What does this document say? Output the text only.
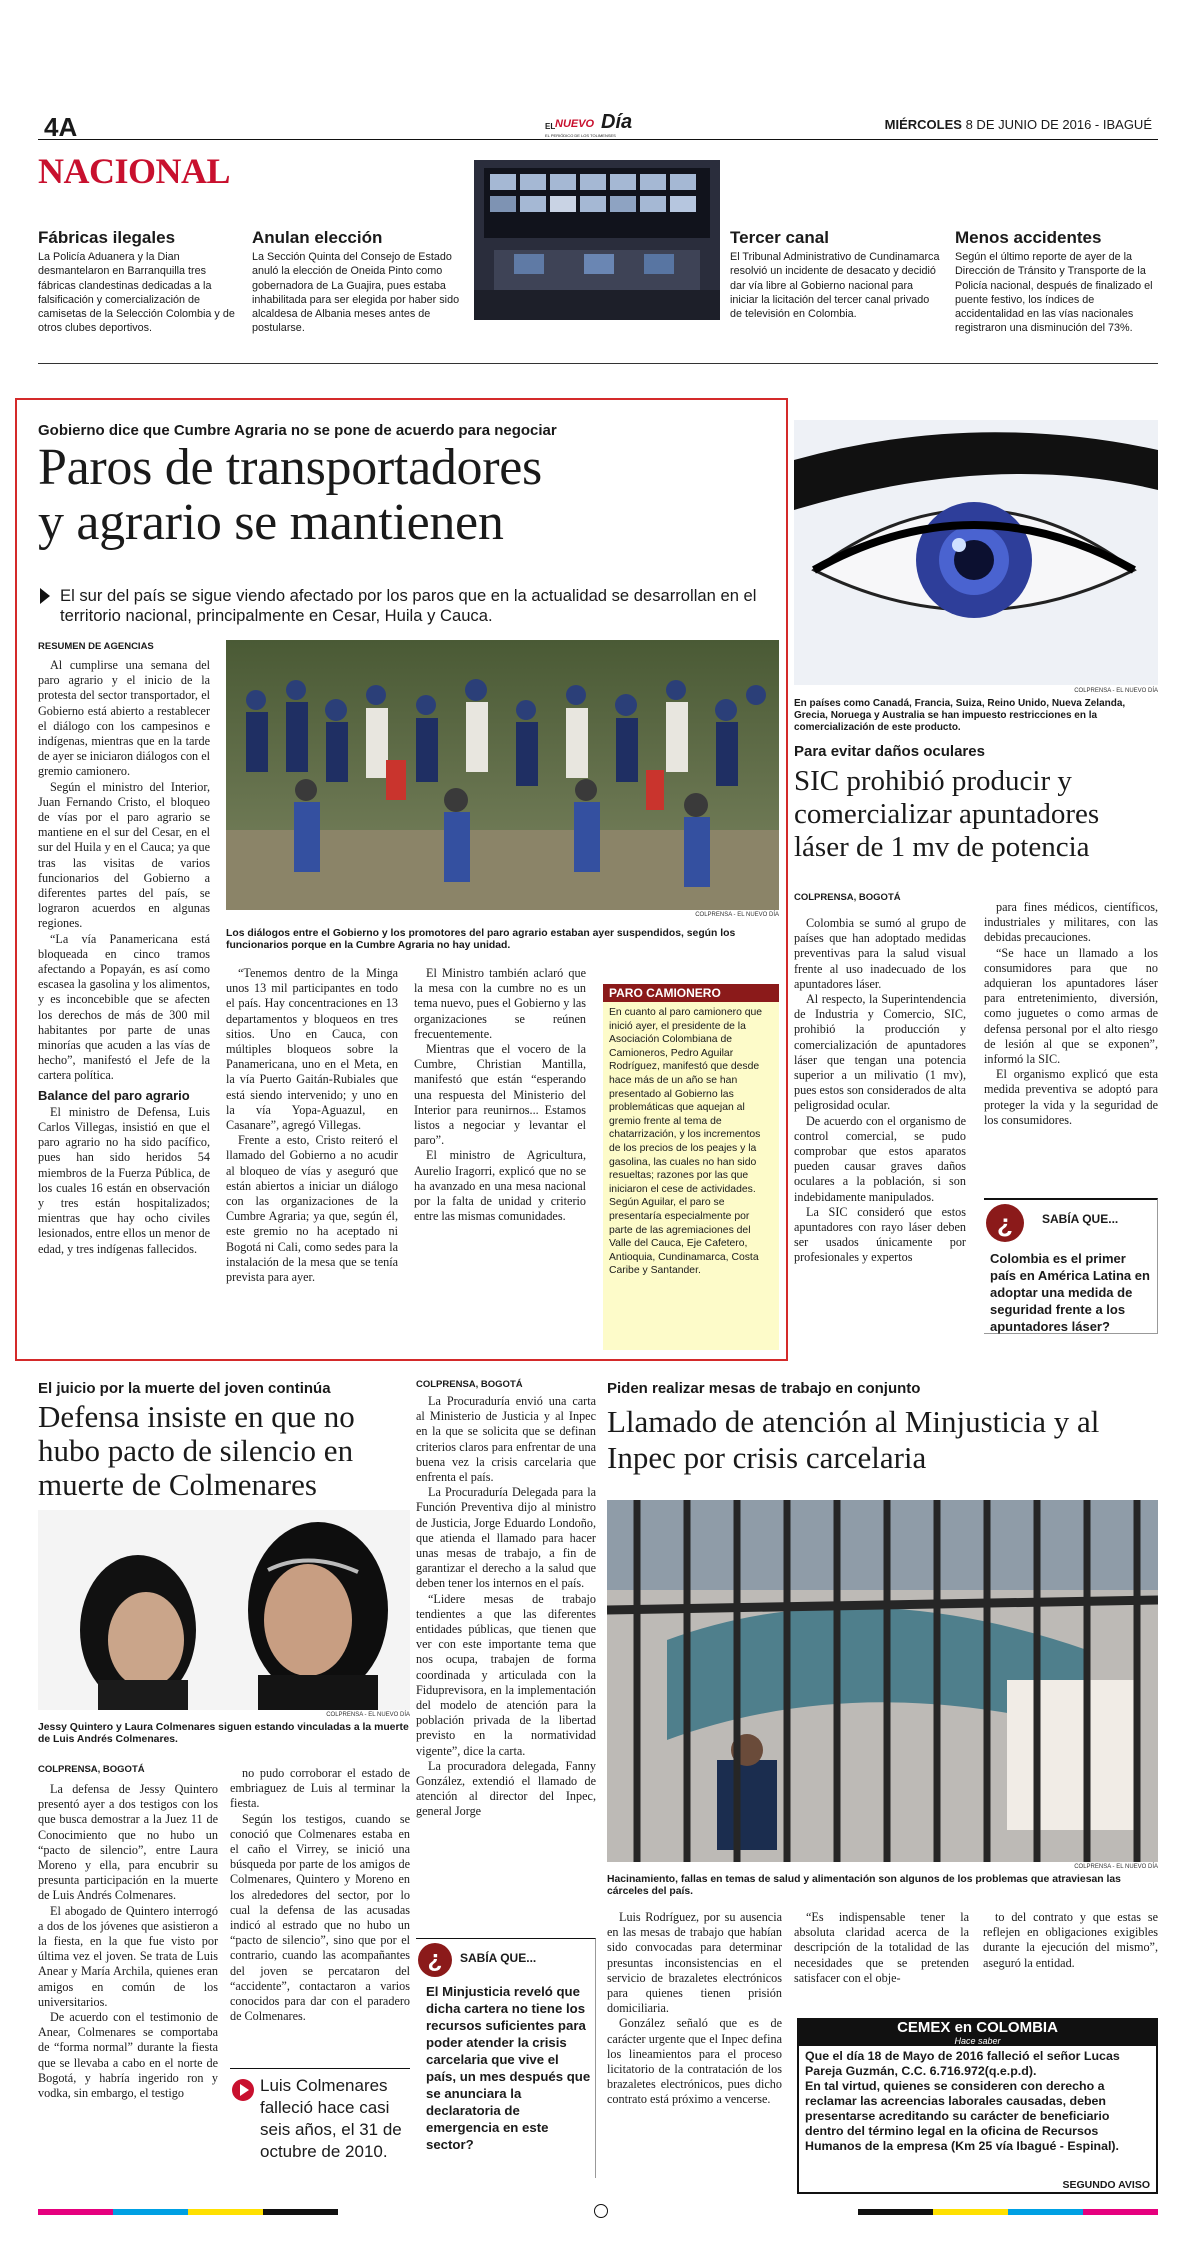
4A	EL NUEVO Día
EL PERIÓDICO DE LOS TOLIMENSES
MIÉRCOLES 8 DE JUNIO DE 2016 - IBAGUÉ
NACIONAL
Fábricas ilegales
La Policía Aduanera y la Dian desmantelaron en Barranquilla tres fábricas clandestinas dedicadas a la falsificación y comercialización de camisetas de la Selección Colombia y de otros clubes deportivos.
Anulan elección
La Sección Quinta del Consejo de Estado anuló la elección de Oneida Pinto como gobernadora de La Guajira, pues estaba inhabilitada para ser elegida por haber sido alcaldesa de Albania meses antes de postularse.
Tercer canal
El Tribunal Administrativo de Cundinamarca resolvió un incidente de desacato y decidió dar vía libre al Gobierno nacional para iniciar la licitación del tercer canal privado de televisión en Colombia.
Menos accidentes
Según el último reporte de ayer de la Dirección de Tránsito y Transporte de la Policía nacional, después de finalizado el puente festivo, los índices de accidentalidad en las vías nacionales registraron una disminución del 73%.
Gobierno dice que Cumbre Agraria no se pone de acuerdo para negociar
Paros de transportadores
y agrario se mantienen
El sur del país se sigue viendo afectado por los paros que en la actualidad se desarrollan en el territorio nacional, principalmente en Cesar, Huila y Cauca.
RESUMEN DE AGENCIAS

Al cumplirse una semana del paro agrario y el inicio de la protesta del sector transportador, el Gobierno está abierto a restablecer el diálogo con los campesinos e indígenas, mientras que en la tarde de ayer se iniciaron diálogos con el gremio camionero.

Según el ministro del Interior, Juan Fernando Cristo, el bloqueo de vías por el paro agrario se mantiene en el sur del Cesar, en el sur del Huila y en el Cauca; ya que tras las visitas de varios funcionarios del Gobierno a diferentes partes del país, se lograron acuerdos en algunas regiones.

“La vía Panamericana está bloqueada en cinco tramos afectando a Popayán, es así como escasea la gasolina y los alimentos, y es inconcebible que se afecten los derechos de más de 300 mil habitantes por parte de unas minorías que acuden a las vías de hecho”, manifestó el Jefe de la cartera política.

Balance del paro agrario

El ministro de Defensa, Luis Carlos Villegas, insistió en que el paro agrario no ha sido pacífico, pues han sido heridos 54 miembros de la Fuerza Pública, de los cuales 16 están en observación y tres están hospitalizados; mientras que hay ocho civiles lesionados, entre ellos un menor de edad, y tres indígenas fallecidos.

COLPRENSA - EL NUEVO DÍA
Los diálogos entre el Gobierno y los promotores del paro agrario estaban ayer suspendidos, según los funcionarios porque en la Cumbre Agraria no hay unidad.

“Tenemos dentro de la Minga unos 13 mil participantes en todo el país. Hay concentraciones en 13 departamentos y bloqueos en tres sitios. Uno en Cauca, con múltiples bloqueos sobre la Panamericana, uno en el Meta, en la vía Puerto Gaitán-Rubiales que está siendo intervenido; y uno en la vía Yopa-Aguazul, en Casanare”, agregó Villegas.

Frente a esto, Cristo reiteró el llamado del Gobierno a no acudir al bloqueo de vías y aseguró que están abiertos a iniciar un diálogo con las organizaciones de la Cumbre Agraria; ya que, según él, este gremio no ha aceptado ni Bogotá ni Cali, como sedes para la instalación de la mesa que se tenía prevista para ayer.

El Ministro también aclaró que la mesa con la cumbre no es un tema nuevo, pues el Gobierno y las organizaciones se reúnen frecuentemente.

Mientras que el vocero de la Cumbre, Christian Mantilla, manifestó que están “esperando una respuesta del Ministerio del Interior para reunirnos... Estamos listos a negociar y levantar el paro”.

El ministro de Agricultura, Aurelio Iragorri, explicó que no se ha avanzado en una mesa nacional por la falta de unidad y criterio entre las mismas comunidades.

PARO CAMIONERO
En cuanto al paro camionero que inició ayer, el presidente de la Asociación Colombiana de Camioneros, Pedro Aguilar Rodríguez, manifestó que desde hace más de un año se han presentado al Gobierno las problemáticas que aquejan al gremio frente al tema de chatarrización, y los incrementos de los precios de los peajes y la gasolina, las cuales no han sido resueltas; razones por las que iniciaron el cese de actividades.
Según Aguilar, el paro se presentaría especialmente por parte de las agremiaciones del Valle del Cauca, Eje Cafetero, Antioquia, Cundinamarca, Costa Caribe y Santander.
COLPRENSA - EL NUEVO DÍA
En países como Canadá, Francia, Suiza, Reino Unido, Nueva Zelanda, Grecia, Noruega y Australia se han impuesto restricciones en la comercialización de este producto.
Para evitar daños oculares
SIC prohibió producir y comercializar apuntadores láser de 1 mv de potencia
COLPRENSA, BOGOTÁ

Colombia se sumó al grupo de países que han adoptado medidas preventivas para la salud visual frente al uso inadecuado de los apuntadores láser.

Al respecto, la Superintendencia de Industria y Comercio, SIC, prohibió la producción y comercialización de apuntadores láser que tengan una potencia superior a un milivatio (1 mv), pues estos son considerados de alta peligrosidad ocular.

De acuerdo con el organismo de control comercial, se pudo comprobar que estos aparatos pueden causar graves daños oculares a la población, si son indebidamente manipulados.

La SIC consideró que estos apuntadores con rayo láser deben ser usados únicamente por profesionales y expertos

para fines médicos, científicos, industriales y militares, con las debidas precauciones.

“Se hace un llamado a los consumidores para que no adquieran los apuntadores láser para entretenimiento, diversión, como juguetes o como armas de defensa personal por el alto riesgo de lesión al que se exponen”, informó la SIC.

El organismo explicó que esta medida preventiva se adoptó para proteger la vida y la seguridad de los consumidores.

¿	SABÍA QUE...
Colombia es el primer país en América Latina en adoptar una medida de seguridad frente a los apuntadores láser?
El juicio por la muerte del joven continúa
Defensa insiste en que no hubo pacto de silencio en muerte de Colmenares
COLPRENSA - EL NUEVO DÍA
Jessy Quintero y Laura Colmenares siguen estando vinculadas a la muerte de Luis Andrés Colmenares.
COLPRENSA, BOGOTÁ

La defensa de Jessy Quintero presentó ayer a dos testigos con los que busca demostrar a la Juez 11 de Conocimiento que no hubo un “pacto de silencio”, entre Laura Moreno y ella, para encubrir su presunta participación en la muerte de Luis Andrés Colmenares.

El abogado de Quintero interrogó a dos de los jóvenes que asistieron a la fiesta, en la que fue visto por última vez el joven. Se trata de Luis Anear y María Archila, quienes eran amigos en común de los universitarios.

De acuerdo con el testimonio de Anear, Colmenares se comportaba de “forma normal” durante la fiesta que se llevaba a cabo en el norte de Bogotá, y habría ingerido ron y vodka, sin embargo, el testigo

no pudo corroborar el estado de embriaguez de Luis al terminar la fiesta.

Según los testigos, cuando se conoció que Colmenares estaba en el caño el Virrey, se inició una búsqueda por parte de los amigos de Colmenares, Quintero y Moreno en los alrededores del sector, por lo cual la defensa de las acusadas indicó al estrado que no hubo un “pacto de silencio”, sino que por el contrario, cuando las acompañantes del joven se percataron del “accidente”, contactaron a varios conocidos para dar con el paradero de Colmenares.

Luis Colmenares falleció hace casi seis años, el 31 de octubre de 2010.
COLPRENSA, BOGOTÁ

La Procuraduría envió una carta al Ministerio de Justicia y al Inpec en la que se solicita que se definan criterios claros para enfrentar de una buena vez la crisis carcelaria que enfrenta el país.

La Procuraduría Delegada para la Función Preventiva dijo al ministro de Justicia, Jorge Eduardo Londoño, que atienda el llamado para hacer unas mesas de trabajo, a fin de garantizar el derecho a la salud que deben tener los internos en el país.

“Lidere mesas de trabajo tendientes a que las diferentes entidades públicas, que tienen que ver con este importante tema que nos ocupa, trabajen de forma coordinada y articulada con la Fiduprevisora, en la implementación del modelo de atención para la población privada de la libertad previsto en la normatividad vigente”, dice la carta.

La procuradora delegada, Fanny González, extendió el llamado de atención al director del Inpec, general Jorge

¿	SABÍA QUE...
El Minjusticia reveló que dicha cartera no tiene los recursos suficientes para poder atender la crisis carcelaria que vive el país, un mes después que se anunciara la declaratoria de emergencia en este sector?
Piden realizar mesas de trabajo en conjunto
Llamado de atención al Minjusticia y al Inpec por crisis carcelaria
COLPRENSA - EL NUEVO DÍA
Hacinamiento, fallas en temas de salud y alimentación son algunos de los problemas que atraviesan las cárceles del país.

Luis Rodríguez, por su ausencia en las mesas de trabajo que habían sido convocadas para determinar presuntas inconsistencias en el servicio de brazaletes electrónicos para quienes tienen prisión domiciliaria.

González señaló que es de carácter urgente que el Inpec defina los lineamientos para el proceso licitatorio de la contratación de los brazaletes electrónicos, pues dicho contrato está próximo a vencerse.

“Es indispensable tener la absoluta claridad acerca de la descripción de la totalidad de las necesidades que se pretenden satisfacer con el obje-

to del contrato y que estas se reflejen en obligaciones exigibles durante la ejecución del mismo”, aseguró la entidad.

CEMEX en COLOMBIA
Hace saber
Que el día 18 de Mayo de 2016 falleció el señor Lucas Pareja Guzmán, C.C. 6.716.972(q.e.p.d).
En tal virtud, quienes se consideren con derecho a reclamar las acreencias laborales causadas, deben presentarse acreditando su carácter de beneficiario dentro del término legal en la oficina de Recursos Humanos de la empresa (Km 25 vía Ibagué - Espinal).
SEGUNDO AVISO
